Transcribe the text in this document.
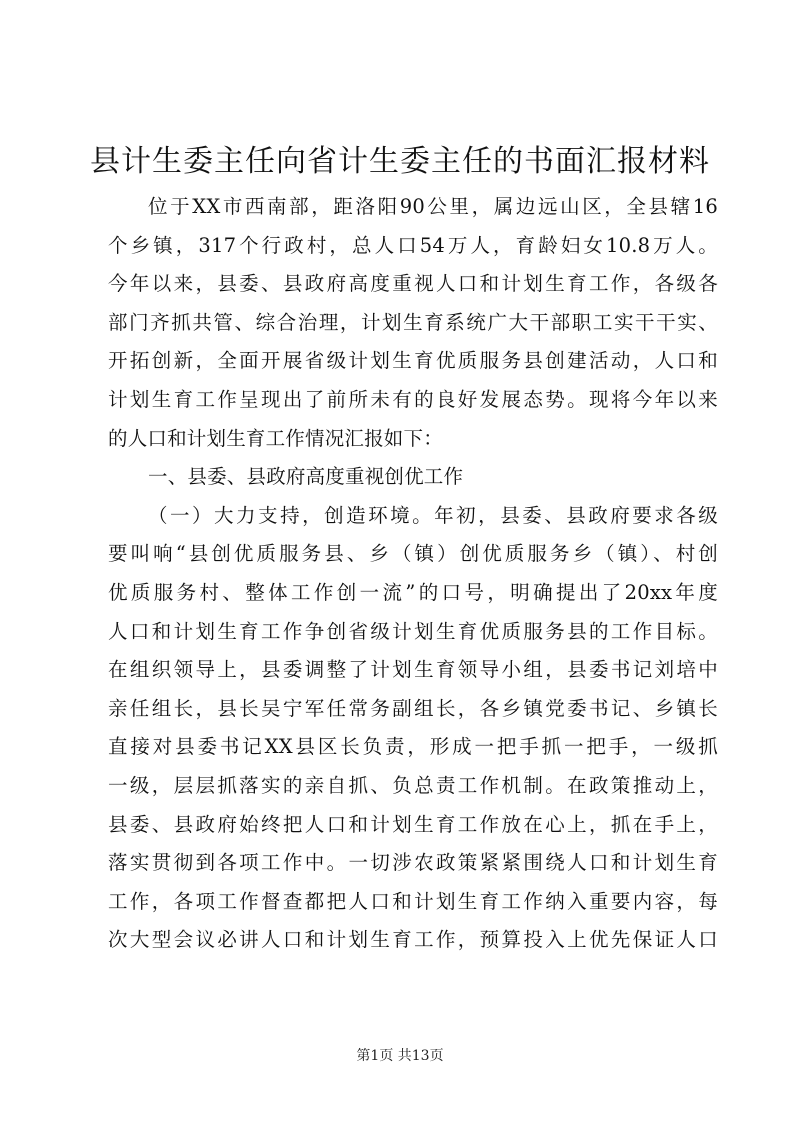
县计生委主任向省计生委主任的书面汇报材料
位于XX市西南部，距洛阳90公里，属边远山区，全县辖16
个乡镇，317个行政村，总人口54万人，育龄妇女10.8万人。
今年以来，县委、县政府高度重视人口和计划生育工作，各级各
部门齐抓共管、综合治理，计划生育系统广大干部职工实干干实、
开拓创新，全面开展省级计划生育优质服务县创建活动，人口和
计划生育工作呈现出了前所未有的良好发展态势。现将今年以来
的人口和计划生育工作情况汇报如下：
一、县委、县政府高度重视创优工作
（一）大力支持，创造环境。年初，县委、县政府要求各级
要叫响“县创优质服务县、乡（镇）创优质服务乡（镇）、村创
优质服务村、整体工作创一流”的口号，明确提出了20xx年度
人口和计划生育工作争创省级计划生育优质服务县的工作目标。
在组织领导上，县委调整了计划生育领导小组，县委书记刘培中
亲任组长，县长吴宁军任常务副组长，各乡镇党委书记、乡镇长
直接对县委书记XX县区长负责，形成一把手抓一把手，一级抓
一级，层层抓落实的亲自抓、负总责工作机制。在政策推动上，
县委、县政府始终把人口和计划生育工作放在心上，抓在手上，
落实贯彻到各项工作中。一切涉农政策紧紧围绕人口和计划生育
工作，各项工作督查都把人口和计划生育工作纳入重要内容，每
次大型会议必讲人口和计划生育工作，预算投入上优先保证人口
第1页 共13页
